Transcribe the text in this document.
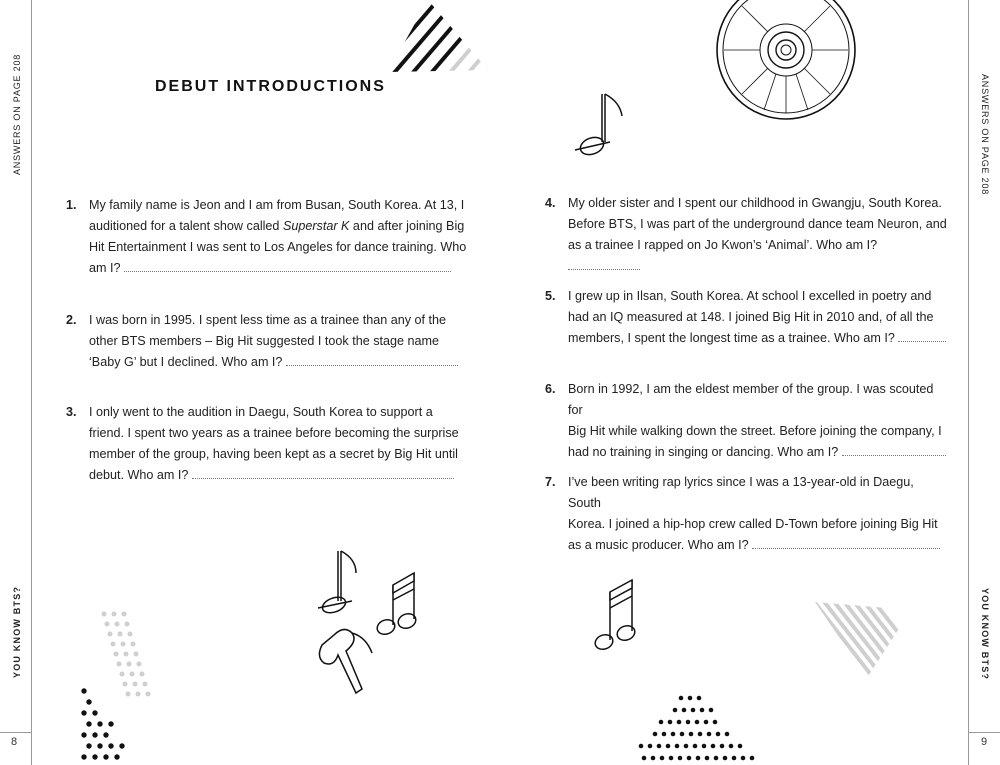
ANSWERS ON PAGE 208
YOU KNOW BTS?
8
ANSWERS ON PAGE 208
YOU KNOW BTS?
9
DEBUT INTRODUCTIONS
1. My family name is Jeon and I am from Busan, South Korea. At 13, I
auditioned for a talent show called Superstar K and after joining Big
Hit Entertainment I was sent to Los Angeles for dance training. Who
am I?
2. I was born in 1995. I spent less time as a trainee than any of the
other BTS members – Big Hit suggested I took the stage name
‘Baby G’ but I declined. Who am I?
3. I only went to the audition in Daegu, South Korea to support a
friend. I spent two years as a trainee before becoming the surprise
member of the group, having been kept as a secret by Big Hit until
debut. Who am I?
4. My older sister and I spent our childhood in Gwangju, South Korea.
Before BTS, I was part of the underground dance team Neuron, and
as a trainee I rapped on Jo Kwon’s ‘Animal’. Who am I?
5. I grew up in Ilsan, South Korea. At school I excelled in poetry and
had an IQ measured at 148. I joined Big Hit in 2010 and, of all the
members, I spent the longest time as a trainee. Who am I?
6. Born in 1992, I am the eldest member of the group. I was scouted for
Big Hit while walking down the street. Before joining the company, I
had no training in singing or dancing. Who am I?
7. I’ve been writing rap lyrics since I was a 13-year-old in Daegu, South
Korea. I joined a hip-hop crew called D-Town before joining Big Hit
as a music producer. Who am I?
